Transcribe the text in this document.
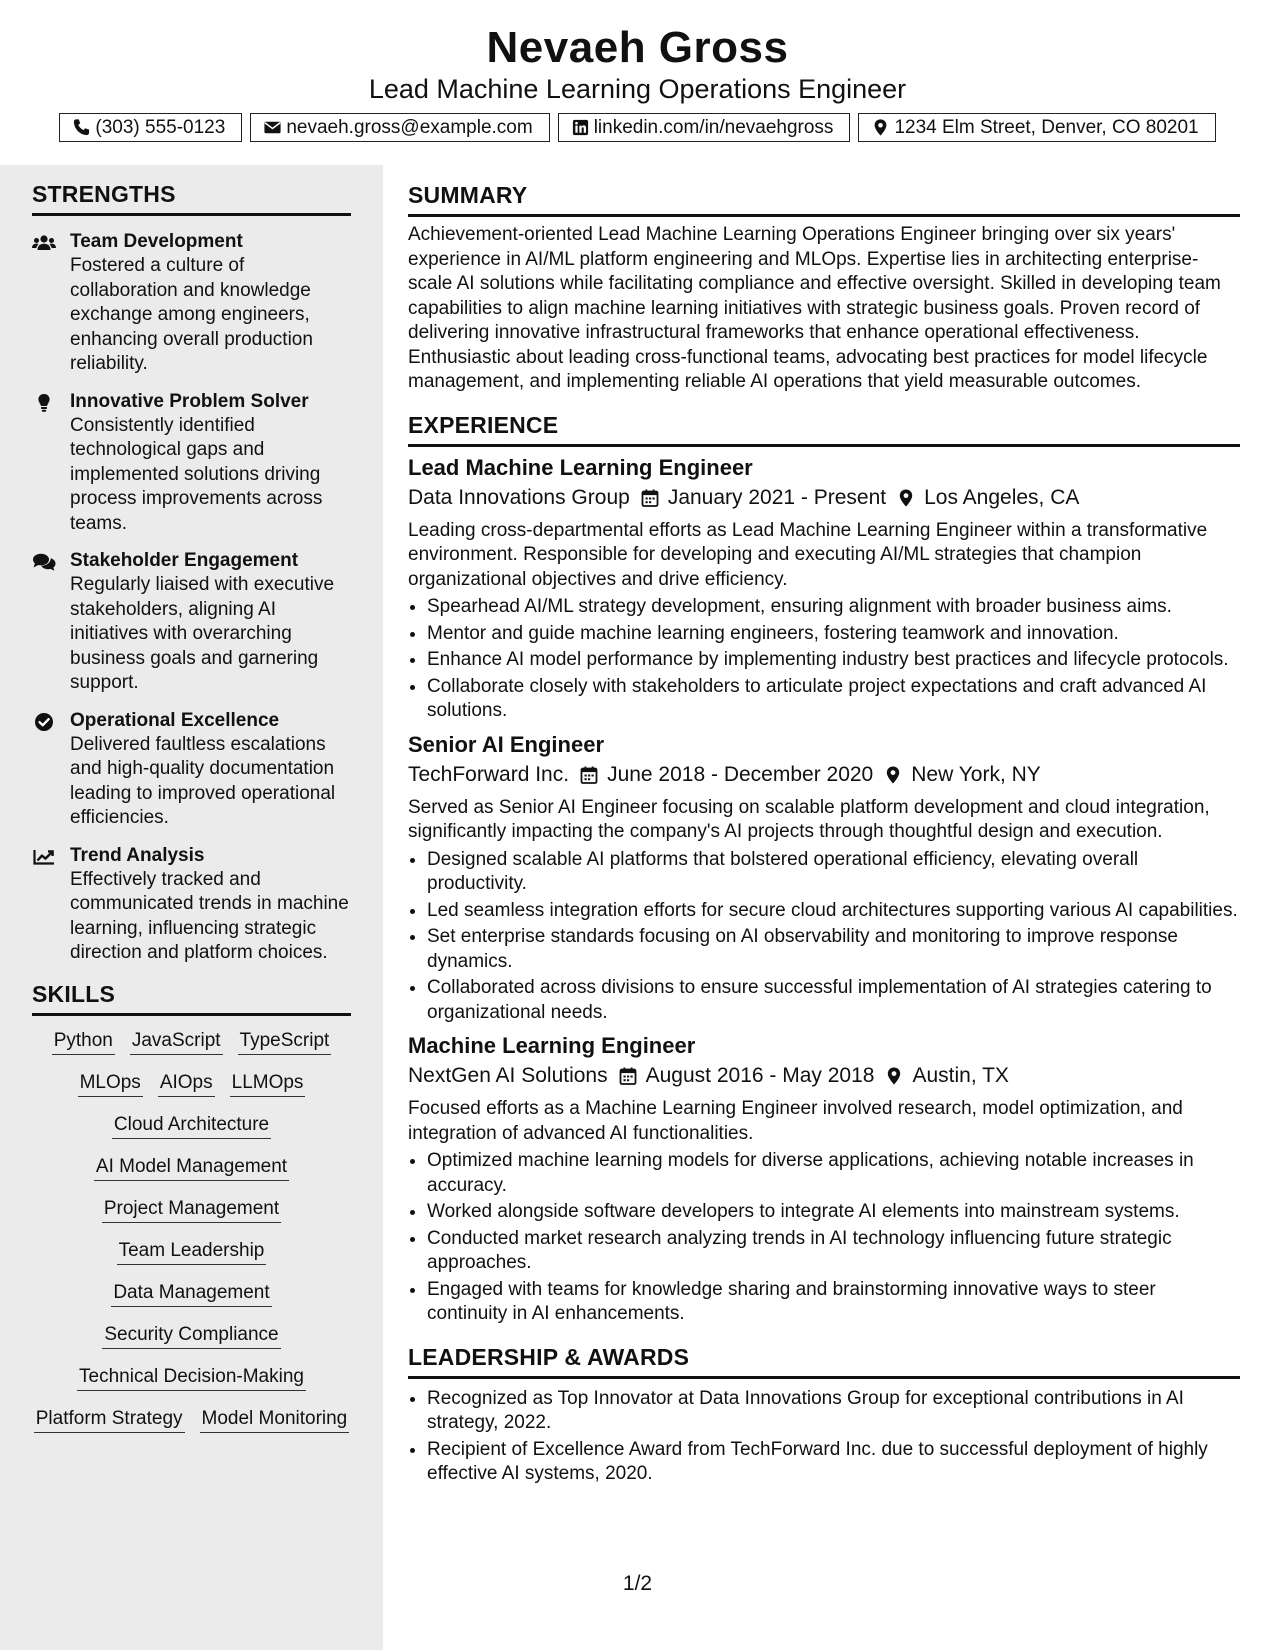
Nevaeh Gross
Lead Machine Learning Operations Engineer
(303) 555-0123	nevaeh.gross@example.com	linkedin.com/in/nevaehgross	1234 Elm Street, Denver, CO 80201
STRENGTHS
Team Development
Fostered a culture of collaboration and knowledge exchange among engineers, enhancing overall production reliability.
Innovative Problem Solver
Consistently identified technological gaps and implemented solutions driving process improvements across teams.
Stakeholder Engagement
Regularly liaised with executive stakeholders, aligning AI initiatives with overarching business goals and garnering support.
Operational Excellence
Delivered faultless escalations and high-quality documentation leading to improved operational efficiencies.
Trend Analysis
Effectively tracked and communicated trends in machine learning, influencing strategic direction and platform choices.
SKILLS
Python JavaScript TypeScript
MLOps AIOps LLMOps
Cloud Architecture
AI Model Management
Project Management
Team Leadership
Data Management
Security Compliance
Technical Decision-Making
Platform Strategy Model Monitoring
SUMMARY
Achievement-oriented Lead Machine Learning Operations Engineer bringing over six years' experience in AI/ML platform engineering and MLOps. Expertise lies in architecting enterprise-scale AI solutions while facilitating compliance and effective oversight. Skilled in developing team capabilities to align machine learning initiatives with strategic business goals. Proven record of delivering innovative infrastructural frameworks that enhance operational effectiveness. Enthusiastic about leading cross-functional teams, advocating best practices for model lifecycle management, and implementing reliable AI operations that yield measurable outcomes.
EXPERIENCE
Lead Machine Learning Engineer
Data Innovations Group January 2021 - Present Los Angeles, CA
Leading cross-departmental efforts as Lead Machine Learning Engineer within a transformative environment. Responsible for developing and executing AI/ML strategies that champion organizational objectives and drive efficiency.
• Spearhead AI/ML strategy development, ensuring alignment with broader business aims.
• Mentor and guide machine learning engineers, fostering teamwork and innovation.
• Enhance AI model performance by implementing industry best practices and lifecycle protocols.
• Collaborate closely with stakeholders to articulate project expectations and craft advanced AI solutions.
Senior AI Engineer
TechForward Inc. June 2018 - December 2020 New York, NY
Served as Senior AI Engineer focusing on scalable platform development and cloud integration, significantly impacting the company's AI projects through thoughtful design and execution.
• Designed scalable AI platforms that bolstered operational efficiency, elevating overall productivity.
• Led seamless integration efforts for secure cloud architectures supporting various AI capabilities.
• Set enterprise standards focusing on AI observability and monitoring to improve response dynamics.
• Collaborated across divisions to ensure successful implementation of AI strategies catering to organizational needs.
Machine Learning Engineer
NextGen AI Solutions August 2016 - May 2018 Austin, TX
Focused efforts as a Machine Learning Engineer involved research, model optimization, and integration of advanced AI functionalities.
• Optimized machine learning models for diverse applications, achieving notable increases in accuracy.
• Worked alongside software developers to integrate AI elements into mainstream systems.
• Conducted market research analyzing trends in AI technology influencing future strategic approaches.
• Engaged with teams for knowledge sharing and brainstorming innovative ways to steer continuity in AI enhancements.
LEADERSHIP & AWARDS
• Recognized as Top Innovator at Data Innovations Group for exceptional contributions in AI strategy, 2022.
• Recipient of Excellence Award from TechForward Inc. due to successful deployment of highly effective AI systems, 2020.
1/2
